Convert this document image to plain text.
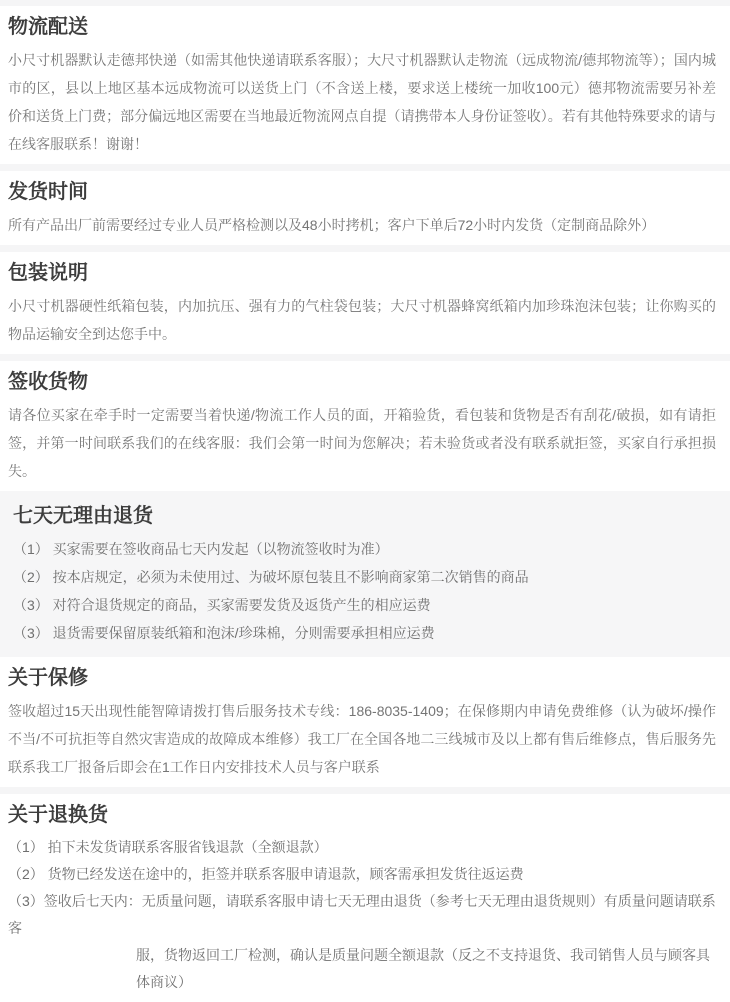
物流配送
小尺寸机器默认走德邦快递（如需其他快递请联系客服）；大尺寸机器默认走物流（远成物流/德邦物流等）；国内城市的区，县以上地区基本远成物流可以送货上门（不含送上楼，要求送上楼统一加收100元）德邦物流需要另补差价和送货上门费；部分偏远地区需要在当地最近物流网点自提（请携带本人身份证签收）。若有其他特殊要求的请与在线客服联系！谢谢！
发货时间
所有产品出厂前需要经过专业人员严格检测以及48小时拷机；客户下单后72小时内发货（定制商品除外）
包装说明
小尺寸机器硬性纸箱包装，内加抗压、强有力的气柱袋包装；大尺寸机器蜂窝纸箱内加珍珠泡沫包装；让你购买的物品运输安全到达您手中。
签收货物
请各位买家在牵手时一定需要当着快递/物流工作人员的面，开箱验货，看包装和货物是否有刮花/破损，如有请拒签，并第一时间联系我们的在线客服：我们会第一时间为您解决；若未验货或者没有联系就拒签，买家自行承担损失。
七天无理由退货
（1） 买家需要在签收商品七天内发起（以物流签收时为准）
（2） 按本店规定，必须为未使用过、为破坏原包装且不影响商家第二次销售的商品
（3） 对符合退货规定的商品，买家需要发货及返货产生的相应运费
（3） 退货需要保留原装纸箱和泡沫/珍珠棉，分则需要承担相应运费
关于保修
签收超过15天出现性能智障请拨打售后服务技术专线：186-8035-1409；在保修期内申请免费维修（认为破坏/操作不当/不可抗拒等自然灾害造成的故障成本维修）我工厂在全国各地二三线城市及以上都有售后维修点，售后服务先联系我工厂报备后即会在1工作日内安排技术人员与客户联系
关于退换货
（1） 拍下未发货请联系客服省钱退款（全额退款）
（2） 货物已经发送在途中的，拒签并联系客服申请退款，顾客需承担发货往返运费
（3）签收后七天内：无质量问题，请联系客服申请七天无理由退货（参考七天无理由退货规则）有质量问题请联系客
服，货物返回工厂检测，确认是质量问题全额退款（反之不支持退货、我司销售人员与顾客具体商议）
